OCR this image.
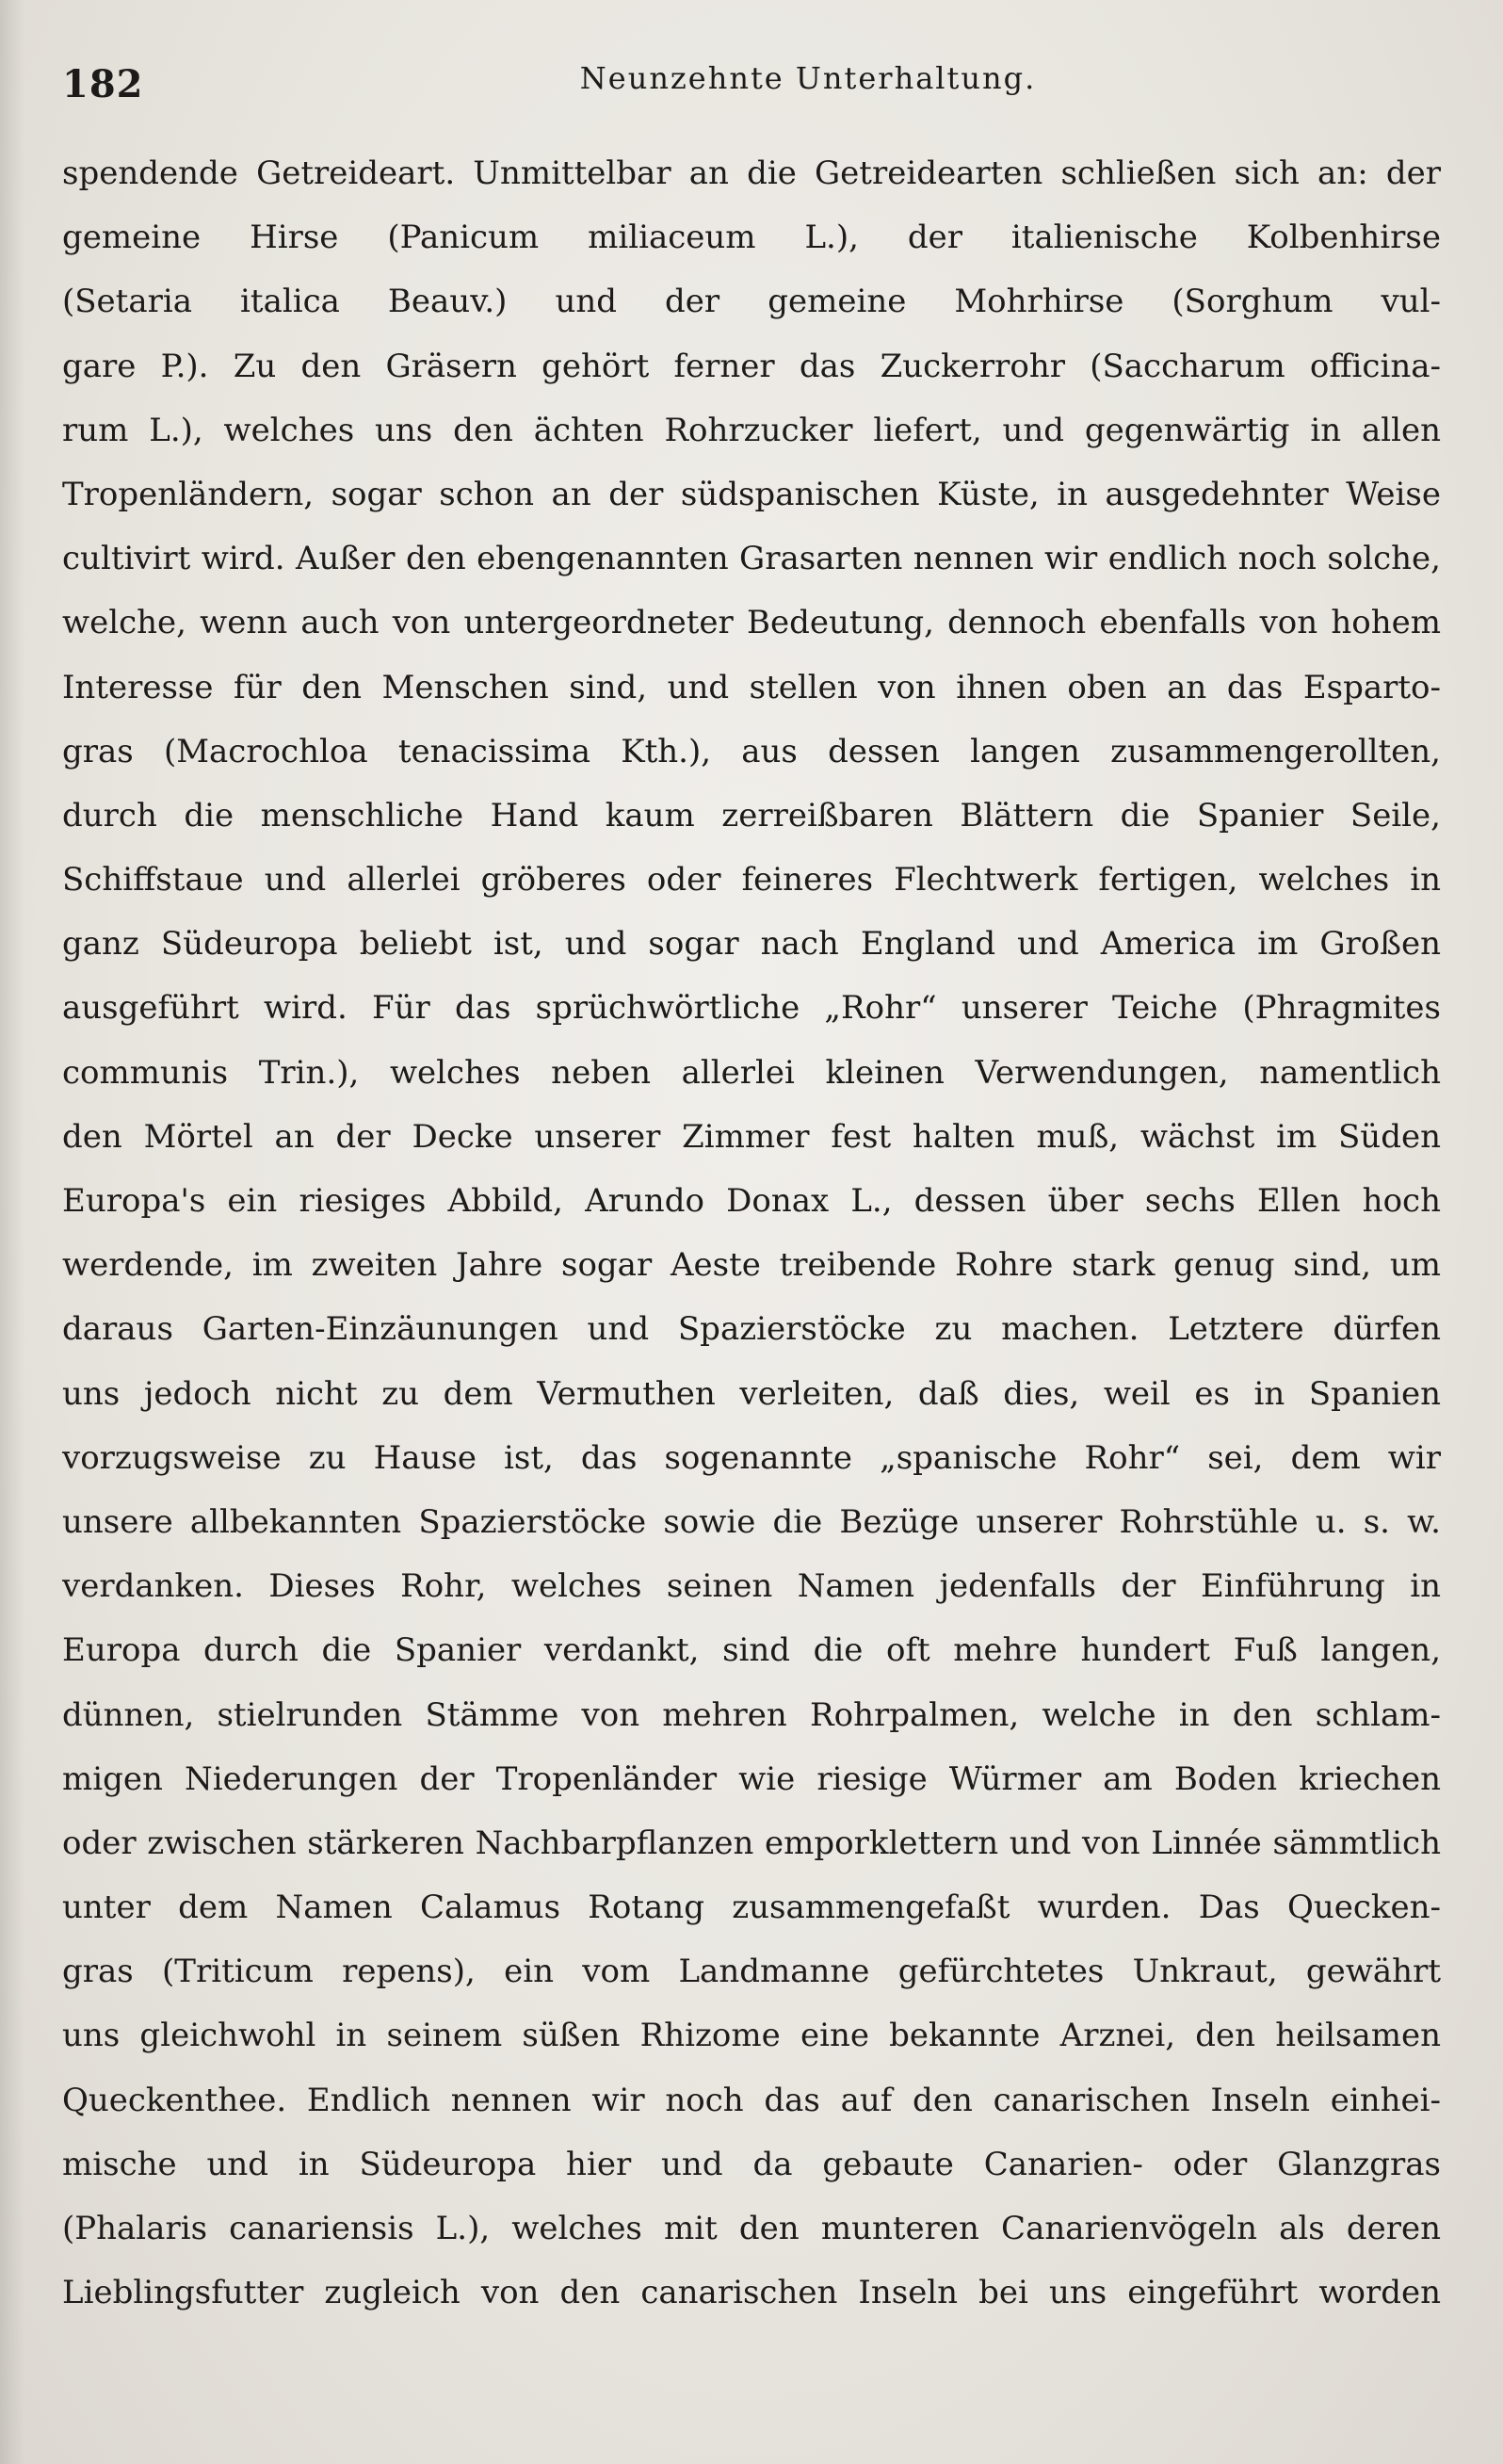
182	Neunzehnte Unterhaltung.
spendende Getreideart. Unmittelbar an die Getreidearten schließen sich an: der
gemeine Hirse (Panicum miliaceum L.), der italienische Kolbenhirse
(Setaria italica Beauv.) und der gemeine Mohrhirse (Sorghum vul-
gare P.). Zu den Gräsern gehört ferner das Zuckerrohr (Saccharum officina-
rum L.), welches uns den ächten Rohrzucker liefert, und gegenwärtig in allen
Tropenländern, sogar schon an der südspanischen Küste, in ausgedehnter Weise
cultivirt wird. Außer den ebengenannten Grasarten nennen wir endlich noch solche,
welche, wenn auch von untergeordneter Bedeutung, dennoch ebenfalls von hohem
Interesse für den Menschen sind, und stellen von ihnen oben an das Esparto-
gras (Macrochloa tenacissima Kth.), aus dessen langen zusammengerollten,
durch die menschliche Hand kaum zerreißbaren Blättern die Spanier Seile,
Schiffstaue und allerlei gröberes oder feineres Flechtwerk fertigen, welches in
ganz Südeuropa beliebt ist, und sogar nach England und America im Großen
ausgeführt wird. Für das sprüchwörtliche „Rohr“ unserer Teiche (Phragmites
communis Trin.), welches neben allerlei kleinen Verwendungen, namentlich
den Mörtel an der Decke unserer Zimmer fest halten muß, wächst im Süden
Europa's ein riesiges Abbild, Arundo Donax L., dessen über sechs Ellen hoch
werdende, im zweiten Jahre sogar Aeste treibende Rohre stark genug sind, um
daraus Garten-Einzäunungen und Spazierstöcke zu machen. Letztere dürfen
uns jedoch nicht zu dem Vermuthen verleiten, daß dies, weil es in Spanien
vorzugsweise zu Hause ist, das sogenannte „spanische Rohr“ sei, dem wir
unsere allbekannten Spazierstöcke sowie die Bezüge unserer Rohrstühle u. s. w.
verdanken. Dieses Rohr, welches seinen Namen jedenfalls der Einführung in
Europa durch die Spanier verdankt, sind die oft mehre hundert Fuß langen,
dünnen, stielrunden Stämme von mehren Rohrpalmen, welche in den schlam-
migen Niederungen der Tropenländer wie riesige Würmer am Boden kriechen
oder zwischen stärkeren Nachbarpflanzen emporklettern und von Linnée sämmtlich
unter dem Namen Calamus Rotang zusammengefaßt wurden. Das Quecken-
gras (Triticum repens), ein vom Landmanne gefürchtetes Unkraut, gewährt
uns gleichwohl in seinem süßen Rhizome eine bekannte Arznei, den heilsamen
Queckenthee. Endlich nennen wir noch das auf den canarischen Inseln einhei-
mische und in Südeuropa hier und da gebaute Canarien- oder Glanzgras
(Phalaris canariensis L.), welches mit den munteren Canarienvögeln als deren
Lieblingsfutter zugleich von den canarischen Inseln bei uns eingeführt worden
